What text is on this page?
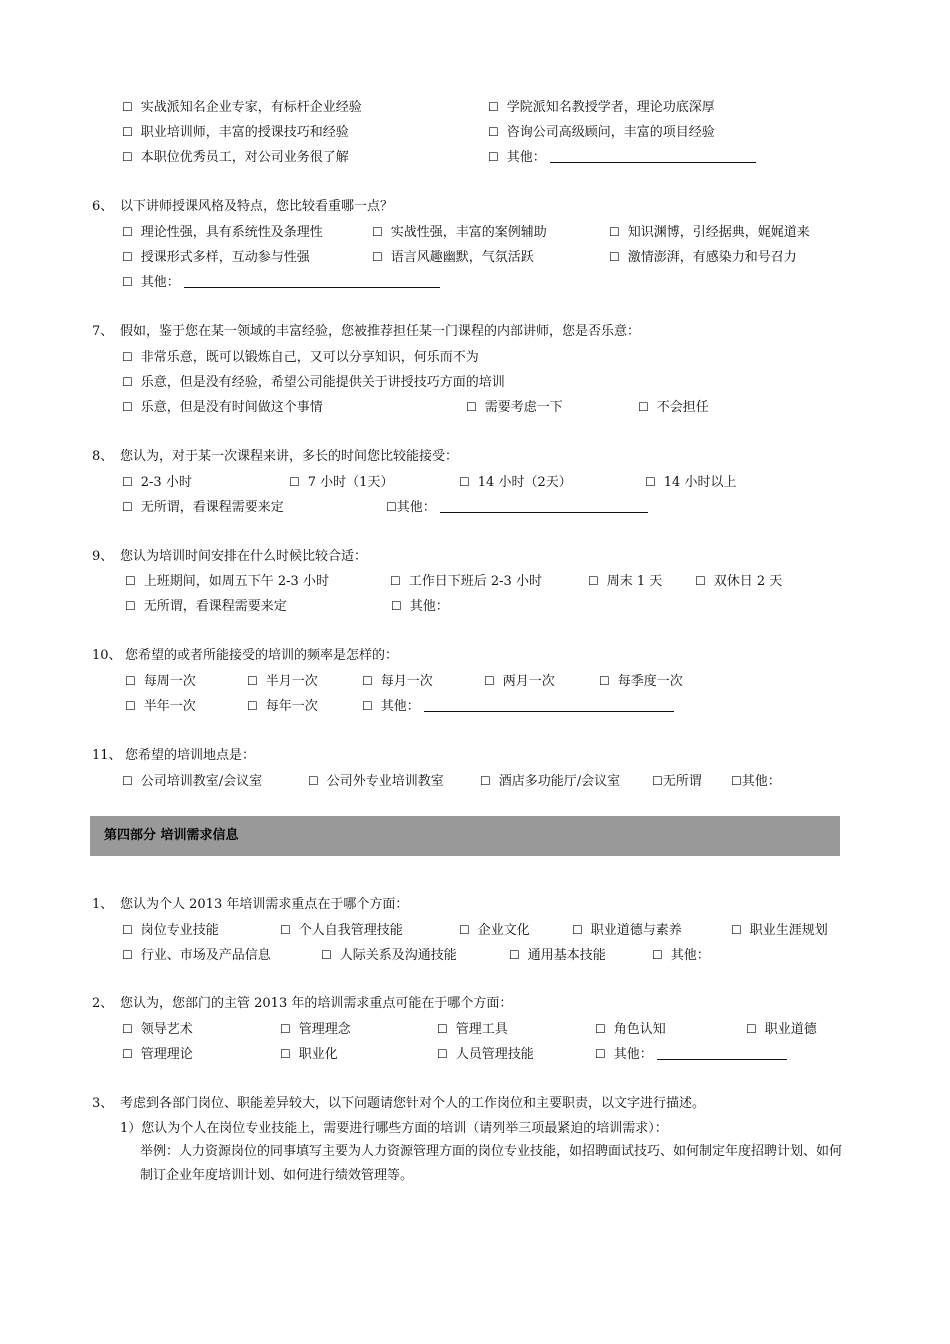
☐ 实战派知名企业专家，有标杆企业经验	☐ 学院派知名教授学者，理论功底深厚
☐ 职业培训师，丰富的授课技巧和经验	☐ 咨询公司高级顾问，丰富的项目经验
☐ 本职位优秀员工，对公司业务很了解	☐ 其他：
6、 以下讲师授课风格及特点，您比较看重哪一点？
☐ 理论性强，具有系统性及条理性	☐ 实战性强，丰富的案例辅助	☐ 知识渊博，引经据典，娓娓道来
☐ 授课形式多样，互动参与性强	☐ 语言风趣幽默，气氛活跃	☐ 激情澎湃，有感染力和号召力
☐ 其他：
7、 假如，鉴于您在某一领域的丰富经验，您被推荐担任某一门课程的内部讲师，您是否乐意：
☐ 非常乐意，既可以锻炼自己，又可以分享知识，何乐而不为
☐ 乐意，但是没有经验，希望公司能提供关于讲授技巧方面的培训
☐ 乐意，但是没有时间做这个事情	☐ 需要考虑一下	☐ 不会担任
8、 您认为，对于某一次课程来讲，多长的时间您比较能接受：
☐ 2-3 小时	☐ 7 小时（1天）	☐ 14 小时（2天）	☐ 14 小时以上
☐ 无所谓，看课程需要来定	☐其他：
9、 您认为培训时间安排在什么时候比较合适：
☐ 上班期间，如周五下午 2-3 小时	☐ 工作日下班后 2-3 小时	☐ 周末 1 天	☐ 双休日 2 天
☐ 无所谓，看课程需要来定	☐ 其他：
10、 您希望的或者所能接受的培训的频率是怎样的：
☐ 每周一次	☐ 半月一次	☐ 每月一次	☐ 两月一次	☐ 每季度一次
☐ 半年一次	☐ 每年一次	☐ 其他：
11、 您希望的培训地点是：
☐ 公司培训教室/会议室	☐ 公司外专业培训教室	☐ 酒店多功能厅/会议室	☐无所谓 ☐其他：
第四部分 培训需求信息
1、 您认为个人 2013 年培训需求重点在于哪个方面：
☐ 岗位专业技能	☐ 个人自我管理技能	☐ 企业文化	☐ 职业道德与素养	☐ 职业生涯规划
☐ 行业、市场及产品信息	☐ 人际关系及沟通技能	☐ 通用基本技能	☐ 其他：
2、 您认为，您部门的主管 2013 年的培训需求重点可能在于哪个方面：
☐ 领导艺术	☐ 管理理念	☐ 管理工具	☐ 角色认知	☐ 职业道德
☐ 管理理论	☐ 职业化	☐ 人员管理技能	☐ 其他：
3、 考虑到各部门岗位、职能差异较大，以下问题请您针对个人的工作岗位和主要职责，以文字进行描述。
1）您认为个人在岗位专业技能上，需要进行哪些方面的培训（请列举三项最紧迫的培训需求）：
举例：人力资源岗位的同事填写主要为人力资源管理方面的岗位专业技能，如招聘面试技巧、如何制定年度招聘计划、如何制订企业年度培训计划、如何进行绩效管理等。
